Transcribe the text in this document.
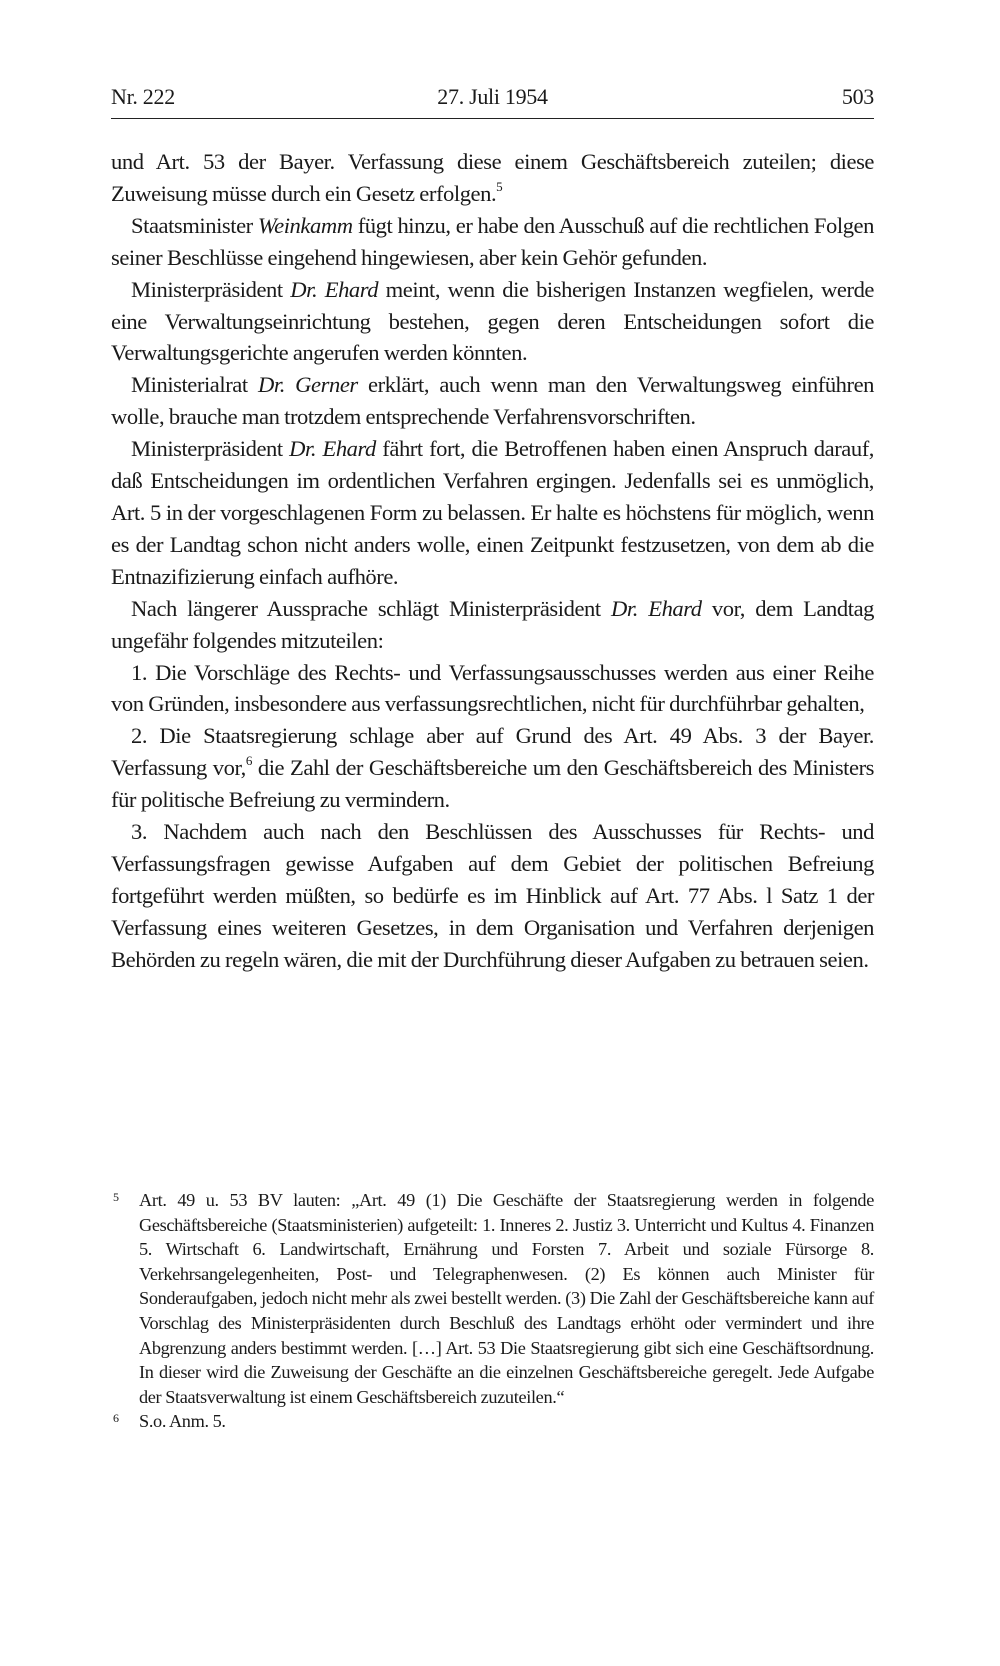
Nr. 222	27. Juli 1954	503

und Art. 53 der Bayer. Verfassung diese einem Geschäftsbereich zuteilen; diese Zuweisung müsse durch ein Gesetz erfolgen.$^5$

Staatsminister Weinkamm fügt hinzu, er habe den Ausschuß auf die rechtlichen Folgen seiner Beschlüsse eingehend hingewiesen, aber kein Gehör gefunden.

Ministerpräsident Dr. Ehard meint, wenn die bisherigen Instanzen wegfielen, werde eine Verwaltungseinrichtung bestehen, gegen deren Entscheidungen sofort die Verwaltungsgerichte angerufen werden könnten.

Ministerialrat Dr. Gerner erklärt, auch wenn man den Verwaltungsweg einführen wolle, brauche man trotzdem entsprechende Verfahrensvorschriften.

Ministerpräsident Dr. Ehard fährt fort, die Betroffenen haben einen Anspruch darauf, daß Entscheidungen im ordentlichen Verfahren ergingen. Jedenfalls sei es unmöglich, Art. 5 in der vorgeschlagenen Form zu belassen. Er halte es höchstens für möglich, wenn es der Landtag schon nicht anders wolle, einen Zeitpunkt festzusetzen, von dem ab die Entnazifizierung einfach aufhöre.

Nach längerer Aussprache schlägt Ministerpräsident Dr. Ehard vor, dem Landtag ungefähr folgendes mitzuteilen:

1. Die Vorschläge des Rechts- und Verfassungsausschusses werden aus einer Reihe von Gründen, insbesondere aus verfassungsrechtlichen, nicht für durchführbar gehalten,

2. Die Staatsregierung schlage aber auf Grund des Art. 49 Abs. 3 der Bayer. Verfassung vor,$^6$ die Zahl der Geschäftsbereiche um den Geschäftsbereich des Ministers für politische Befreiung zu vermindern.

3. Nachdem auch nach den Beschlüssen des Ausschusses für Rechts- und Verfassungsfragen gewisse Aufgaben auf dem Gebiet der politischen Befreiung fortgeführt werden müßten, so bedürfe es im Hinblick auf Art. 77 Abs. l Satz 1 der Verfassung eines weiteren Gesetzes, in dem Organisation und Verfahren derjenigen Behörden zu regeln wären, die mit der Durchführung dieser Aufgaben zu betrauen seien.

5	Art. 49 u. 53 BV lauten: „Art. 49 (1) Die Geschäfte der Staatsregierung werden in folgende Geschäftsbereiche (Staatsministerien) aufgeteilt: 1. Inneres 2. Justiz 3. Unterricht und Kultus 4. Finanzen 5. Wirtschaft 6. Landwirtschaft, Ernährung und Forsten 7. Arbeit und soziale Fürsorge 8. Verkehrsangelegenheiten, Post- und Telegraphenwesen. (2) Es können auch Minister für Sonderaufgaben, jedoch nicht mehr als zwei bestellt werden. (3) Die Zahl der Geschäftsbereiche kann auf Vorschlag des Ministerpräsidenten durch Beschluß des Landtags erhöht oder vermindert und ihre Abgrenzung anders bestimmt werden. […] Art. 53 Die Staatsregierung gibt sich eine Geschäftsordnung. In dieser wird die Zuweisung der Geschäfte an die einzelnen Geschäftsbereiche geregelt. Jede Aufgabe der Staatsverwaltung ist einem Geschäftsbereich zuzuteilen.“
6	S.o. Anm. 5.
